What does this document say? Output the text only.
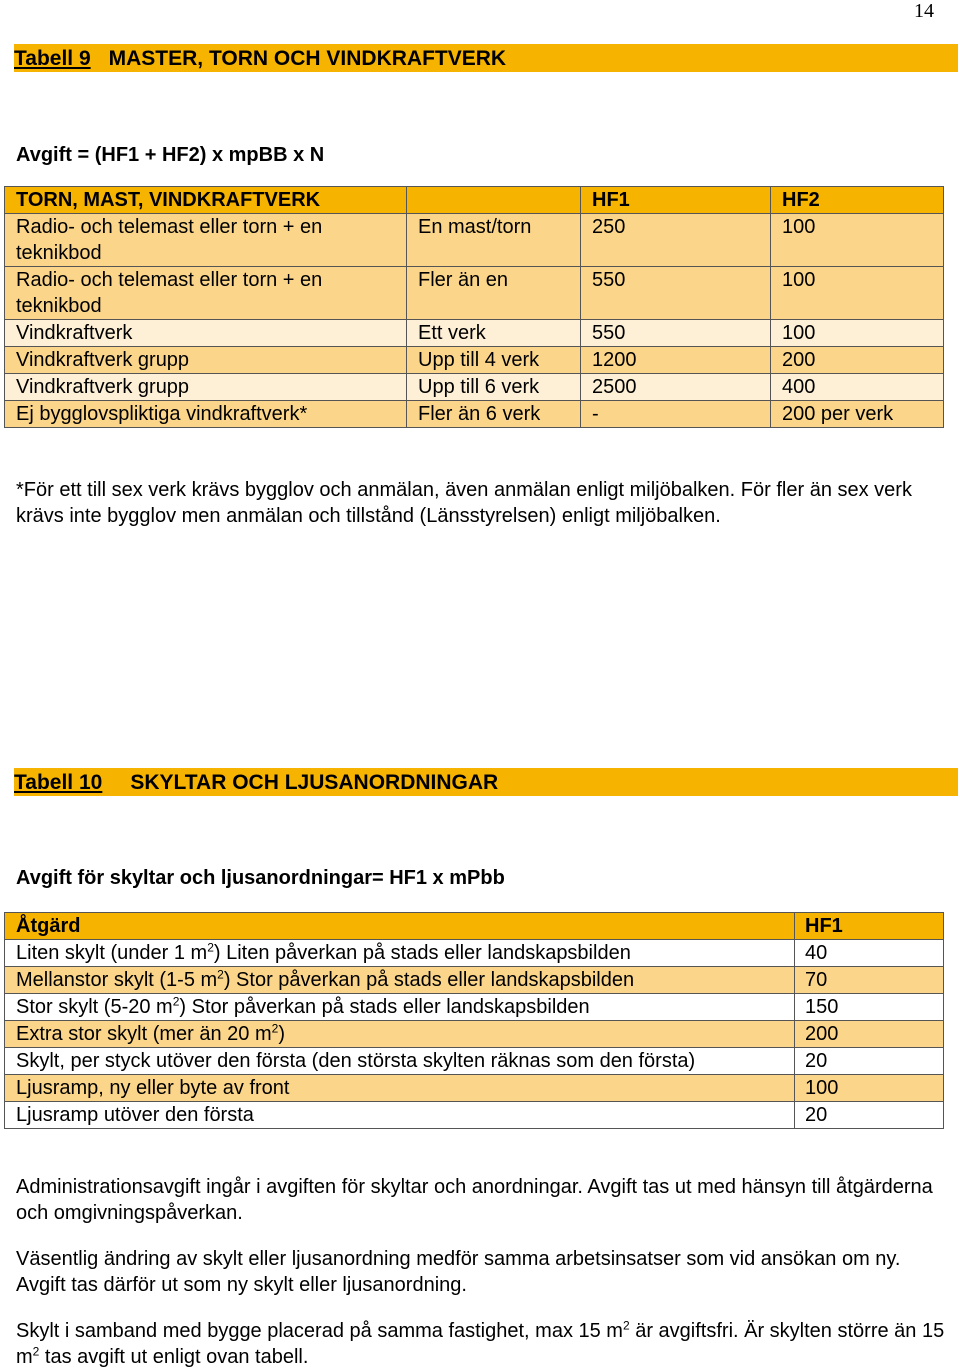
14
Tabell 9 MASTER, TORN OCH VINDKRAFTVERK
Avgift = (HF1 + HF2) x mpBB x N
TORN, MAST, VINDKRAFTVERK		HF1	HF2
Radio- och telemast eller torn + en teknikbod	En mast/torn	250	100
Radio- och telemast eller torn + en teknikbod	Fler än en	550	100
Vindkraftverk	Ett verk	550	100
Vindkraftverk grupp	Upp till 4 verk	1200	200
Vindkraftverk grupp	Upp till 6 verk	2500	400
Ej bygglovspliktiga vindkraftverk*	Fler än 6 verk	-	200 per verk
*För ett till sex verk krävs bygglov och anmälan, även anmälan enligt miljöbalken. För fler än sex verk krävs inte bygglov men anmälan och tillstånd (Länsstyrelsen) enligt miljöbalken.
Tabell 10 SKYLTAR OCH LJUSANORDNINGAR
Avgift för skyltar och ljusanordningar= HF1 x mPbb
Åtgärd	HF1
Liten skylt (under 1 $m^2$) Liten påverkan på stads eller landskapsbilden	40
Mellanstor skylt (1-5 $m^2$) Stor påverkan på stads eller landskapsbilden	70
Stor skylt (5-20 $m^2$) Stor påverkan på stads eller landskapsbilden	150
Extra stor skylt (mer än 20 $m^2$)	200
Skylt, per styck utöver den första (den största skylten räknas som den första)	20
Ljusramp, ny eller byte av front	100
Ljusramp utöver den första	20
Administrationsavgift ingår i avgiften för skyltar och anordningar. Avgift tas ut med hänsyn till åtgärderna och omgivningspåverkan.
Väsentlig ändring av skylt eller ljusanordning medför samma arbetsinsatser som vid ansökan om ny. Avgift tas därför ut som ny skylt eller ljusanordning.
Skylt i samband med bygge placerad på samma fastighet, max 15 $m^2$ är avgiftsfri. Är skylten större än 15 $m^2$ tas avgift ut enligt ovan tabell.
